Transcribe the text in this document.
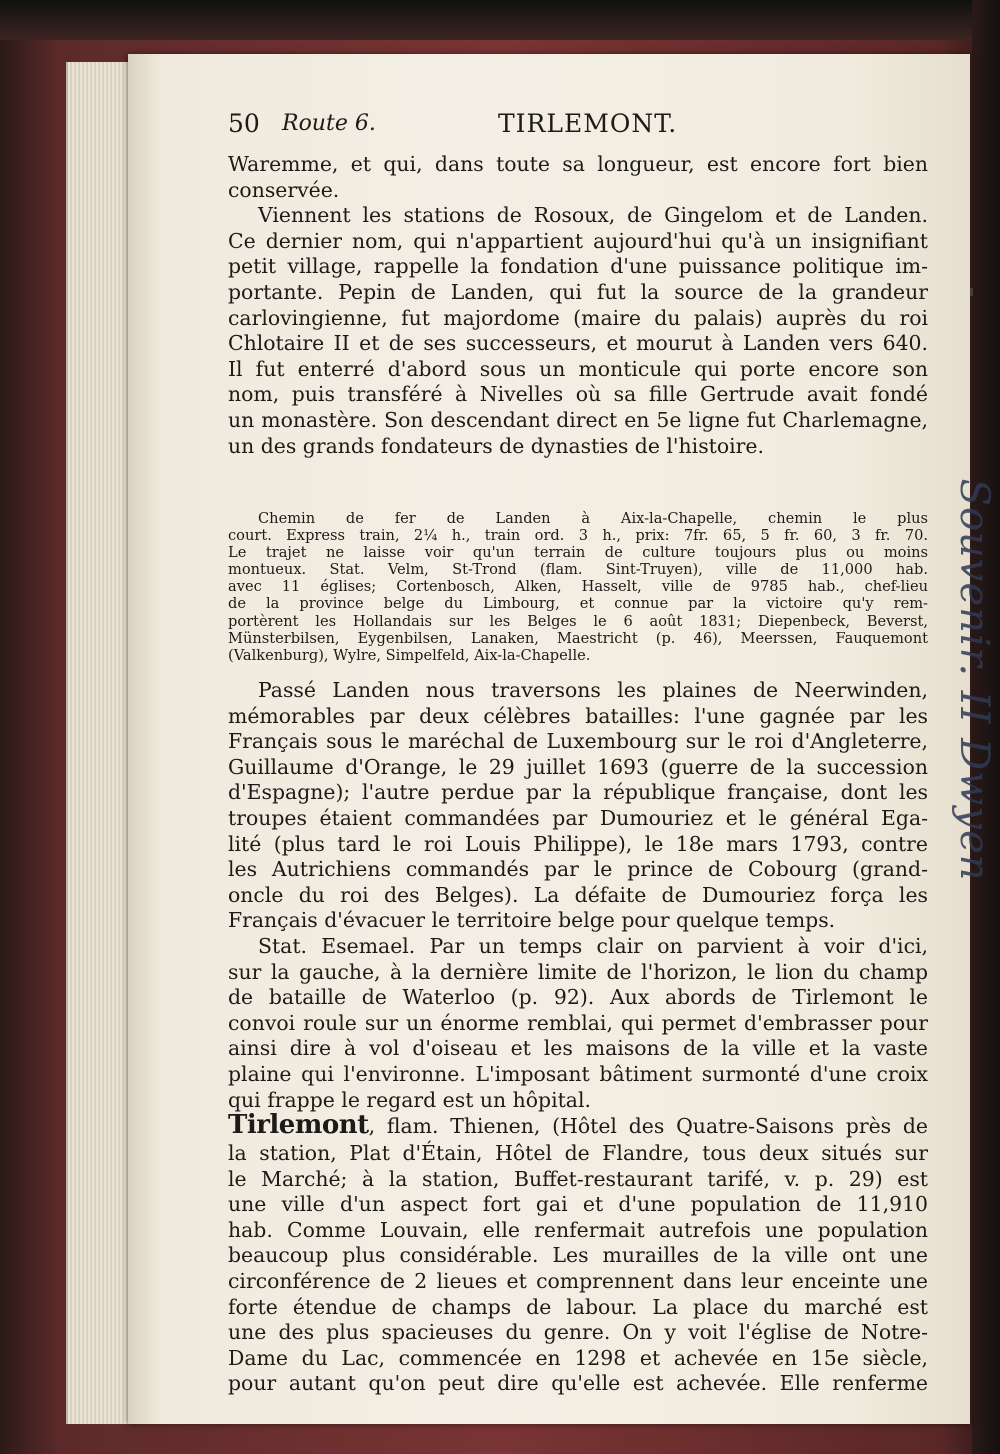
50 Route 6.	TIRLEMONT.
Waremme, et qui, dans toute sa longueur, est encore fort bien
conservée.
Viennent les stations de Rosoux, de Gingelom et de Landen.
Ce dernier nom, qui n'appartient aujourd'hui qu'à un insignifiant
petit village, rappelle la fondation d'une puissance politique im-
portante. Pepin de Landen, qui fut la source de la grandeur
carlovingienne, fut majordome (maire du palais) auprès du roi
Chlotaire II et de ses successeurs, et mourut à Landen vers 640.
Il fut enterré d'abord sous un monticule qui porte encore son
nom, puis transféré à Nivelles où sa fille Gertrude avait fondé
un monastère. Son descendant direct en 5e ligne fut Charlemagne,
un des grands fondateurs de dynasties de l'histoire.
Chemin de fer de Landen à Aix-la-Chapelle, chemin le plus
court. Express train, 2¼ h., train ord. 3 h., prix: 7fr. 65, 5 fr. 60, 3 fr. 70.
Le trajet ne laisse voir qu'un terrain de culture toujours plus ou moins
montueux. Stat. Velm, St-Trond (flam. Sint-Truyen), ville de 11,000 hab.
avec 11 églises; Cortenbosch, Alken, Hasselt, ville de 9785 hab., chef-lieu
de la province belge du Limbourg, et connue par la victoire qu'y rem-
portèrent les Hollandais sur les Belges le 6 août 1831; Diepenbeck, Beverst,
Münsterbilsen, Eygenbilsen, Lanaken, Maestricht (p. 46), Meerssen, Fauquemont
(Valkenburg), Wylre, Simpelfeld, Aix-la-Chapelle.
Passé Landen nous traversons les plaines de Neerwinden,
mémorables par deux célèbres batailles: l'une gagnée par les
Français sous le maréchal de Luxembourg sur le roi d'Angleterre,
Guillaume d'Orange, le 29 juillet 1693 (guerre de la succession
d'Espagne); l'autre perdue par la république française, dont les
troupes étaient commandées par Dumouriez et le général Ega-
lité (plus tard le roi Louis Philippe), le 18e mars 1793, contre
les Autrichiens commandés par le prince de Cobourg (grand-
oncle du roi des Belges). La défaite de Dumouriez força les
Français d'évacuer le territoire belge pour quelque temps.
Stat. Esemael. Par un temps clair on parvient à voir d'ici,
sur la gauche, à la dernière limite de l'horizon, le lion du champ
de bataille de Waterloo (p. 92). Aux abords de Tirlemont le
convoi roule sur un énorme remblai, qui permet d'embrasser pour
ainsi dire à vol d'oiseau et les maisons de la ville et la vaste
plaine qui l'environne. L'imposant bâtiment surmonté d'une croix
qui frappe le regard est un hôpital.
Tirlemont, flam. Thienen, (Hôtel des Quatre-Saisons près de
la station, Plat d'Étain, Hôtel de Flandre, tous deux situés sur
le Marché; à la station, Buffet-restaurant tarifé, v. p. 29) est
une ville d'un aspect fort gai et d'une population de 11,910
hab. Comme Louvain, elle renfermait autrefois une population
beaucoup plus considérable. Les murailles de la ville ont une
circonférence de 2 lieues et comprennent dans leur enceinte une
forte étendue de champs de labour. La place du marché est
une des plus spacieuses du genre. On y voit l'église de Notre-
Dame du Lac, commencée en 1298 et achevée en 15e siècle,
pour autant qu'on peut dire qu'elle est achevée. Elle renferme
Souvenir. II Dwyen
